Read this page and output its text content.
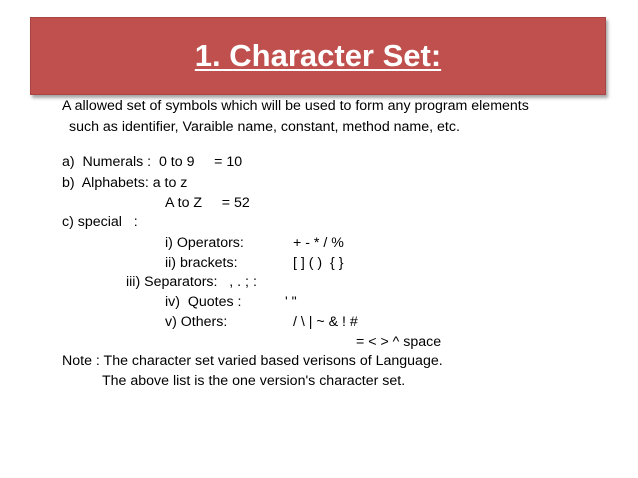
1. Character Set:
A allowed set of symbols which will be used to form any program elements
such as identifier, Varaible name, constant, method name, etc.
a)  Numerals :  0 to 9     = 10
b)  Alphabets: a to z
A to Z     = 52
c) special   :
i) Operators:	+ - * / %
ii) brackets:	[ ] ( )  { }
iii) Separators:   , . ; :
iv)  Quotes :	' "
v) Others:	/ \ | ~ & ! #
= < > ^ space
Note : The character set varied based verisons of Language.
The above list is the one version's character set.
